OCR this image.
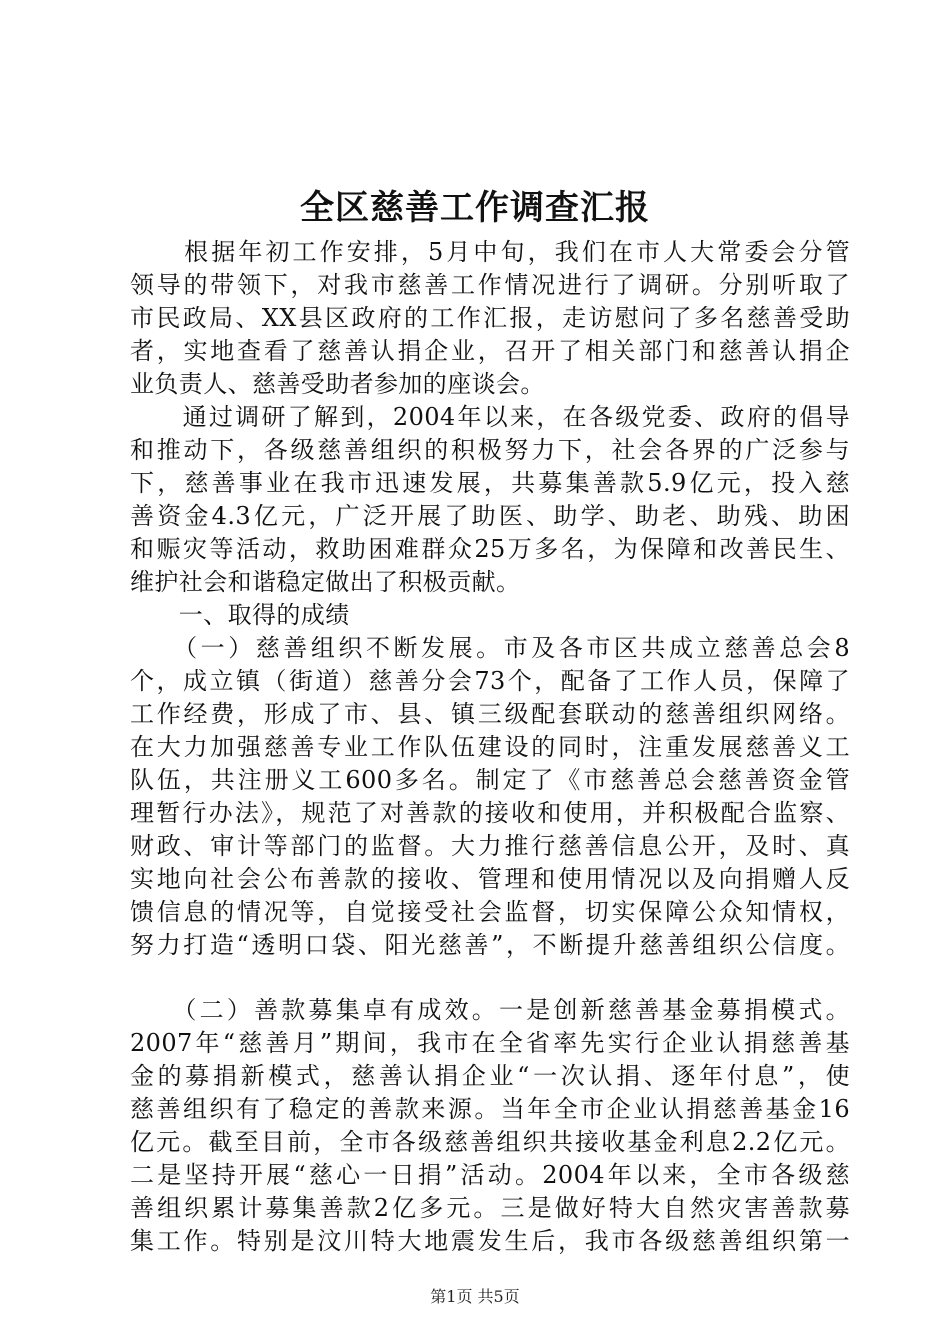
全区慈善工作调查汇报
　　根据年初工作安排，5月中旬，我们在市人大常委会分管
领导的带领下，对我市慈善工作情况进行了调研。分别听取了
市民政局、XX县区政府的工作汇报，走访慰问了多名慈善受助
者，实地查看了慈善认捐企业，召开了相关部门和慈善认捐企
业负责人、慈善受助者参加的座谈会。
　　通过调研了解到，2004年以来，在各级党委、政府的倡导
和推动下，各级慈善组织的积极努力下，社会各界的广泛参与
下，慈善事业在我市迅速发展，共募集善款5.9亿元，投入慈
善资金4.3亿元，广泛开展了助医、助学、助老、助残、助困
和赈灾等活动，救助困难群众25万多名，为保障和改善民生、
维护社会和谐稳定做出了积极贡献。
　　一、取得的成绩
　　（一）慈善组织不断发展。市及各市区共成立慈善总会8
个，成立镇（街道）慈善分会73个，配备了工作人员，保障了
工作经费，形成了市、县、镇三级配套联动的慈善组织网络。
在大力加强慈善专业工作队伍建设的同时，注重发展慈善义工
队伍，共注册义工600多名。制定了《市慈善总会慈善资金管
理暂行办法》，规范了对善款的接收和使用，并积极配合监察、
财政、审计等部门的监督。大力推行慈善信息公开，及时、真
实地向社会公布善款的接收、管理和使用情况以及向捐赠人反
馈信息的情况等，自觉接受社会监督，切实保障公众知情权，
努力打造“透明口袋、阳光慈善”，不断提升慈善组织公信度。
　　（二）善款募集卓有成效。一是创新慈善基金募捐模式。
2007年“慈善月”期间，我市在全省率先实行企业认捐慈善基
金的募捐新模式，慈善认捐企业“一次认捐、逐年付息”，使
慈善组织有了稳定的善款来源。当年全市企业认捐慈善基金16
亿元。截至目前，全市各级慈善组织共接收基金利息2.2亿元。
二是坚持开展“慈心一日捐”活动。2004年以来，全市各级慈
善组织累计募集善款2亿多元。三是做好特大自然灾害善款募
集工作。特别是汶川特大地震发生后，我市各级慈善组织第一
第1页 共5页
